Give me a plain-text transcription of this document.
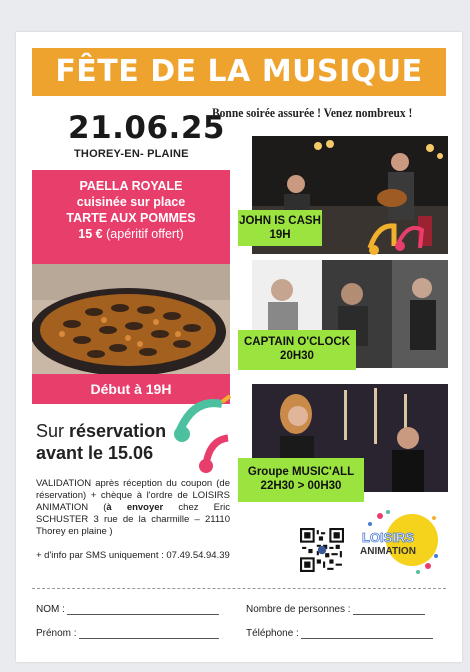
FÊTE DE LA MUSIQUE
21.06.25
THOREY-EN- PLAINE
Bonne soirée assurée ! Venez nombreux !
PAELLA ROYALE
cuisinée sur place
TARTE AUX POMMES
15 € (apéritif offert)
Début à 19H
JOHN IS CASH
19H
CAPTAIN O'CLOCK
20H30
Groupe MUSIC'ALL
22H30 > 00H30
Sur réservation
avant le 15.06
VALIDATION après réception du coupon (de réservation) + chèque à l'ordre de LOISIRS ANIMATION (à envoyer chez Eric SCHUSTER 3 rue de la charmille – 21110 Thorey en plaine )
+ d'info par SMS uniquement : 07.49.54.94.39
LOISIRS
ANIMATION
NOM :
Prénom :
Nombre de personnes :
Téléphone :
